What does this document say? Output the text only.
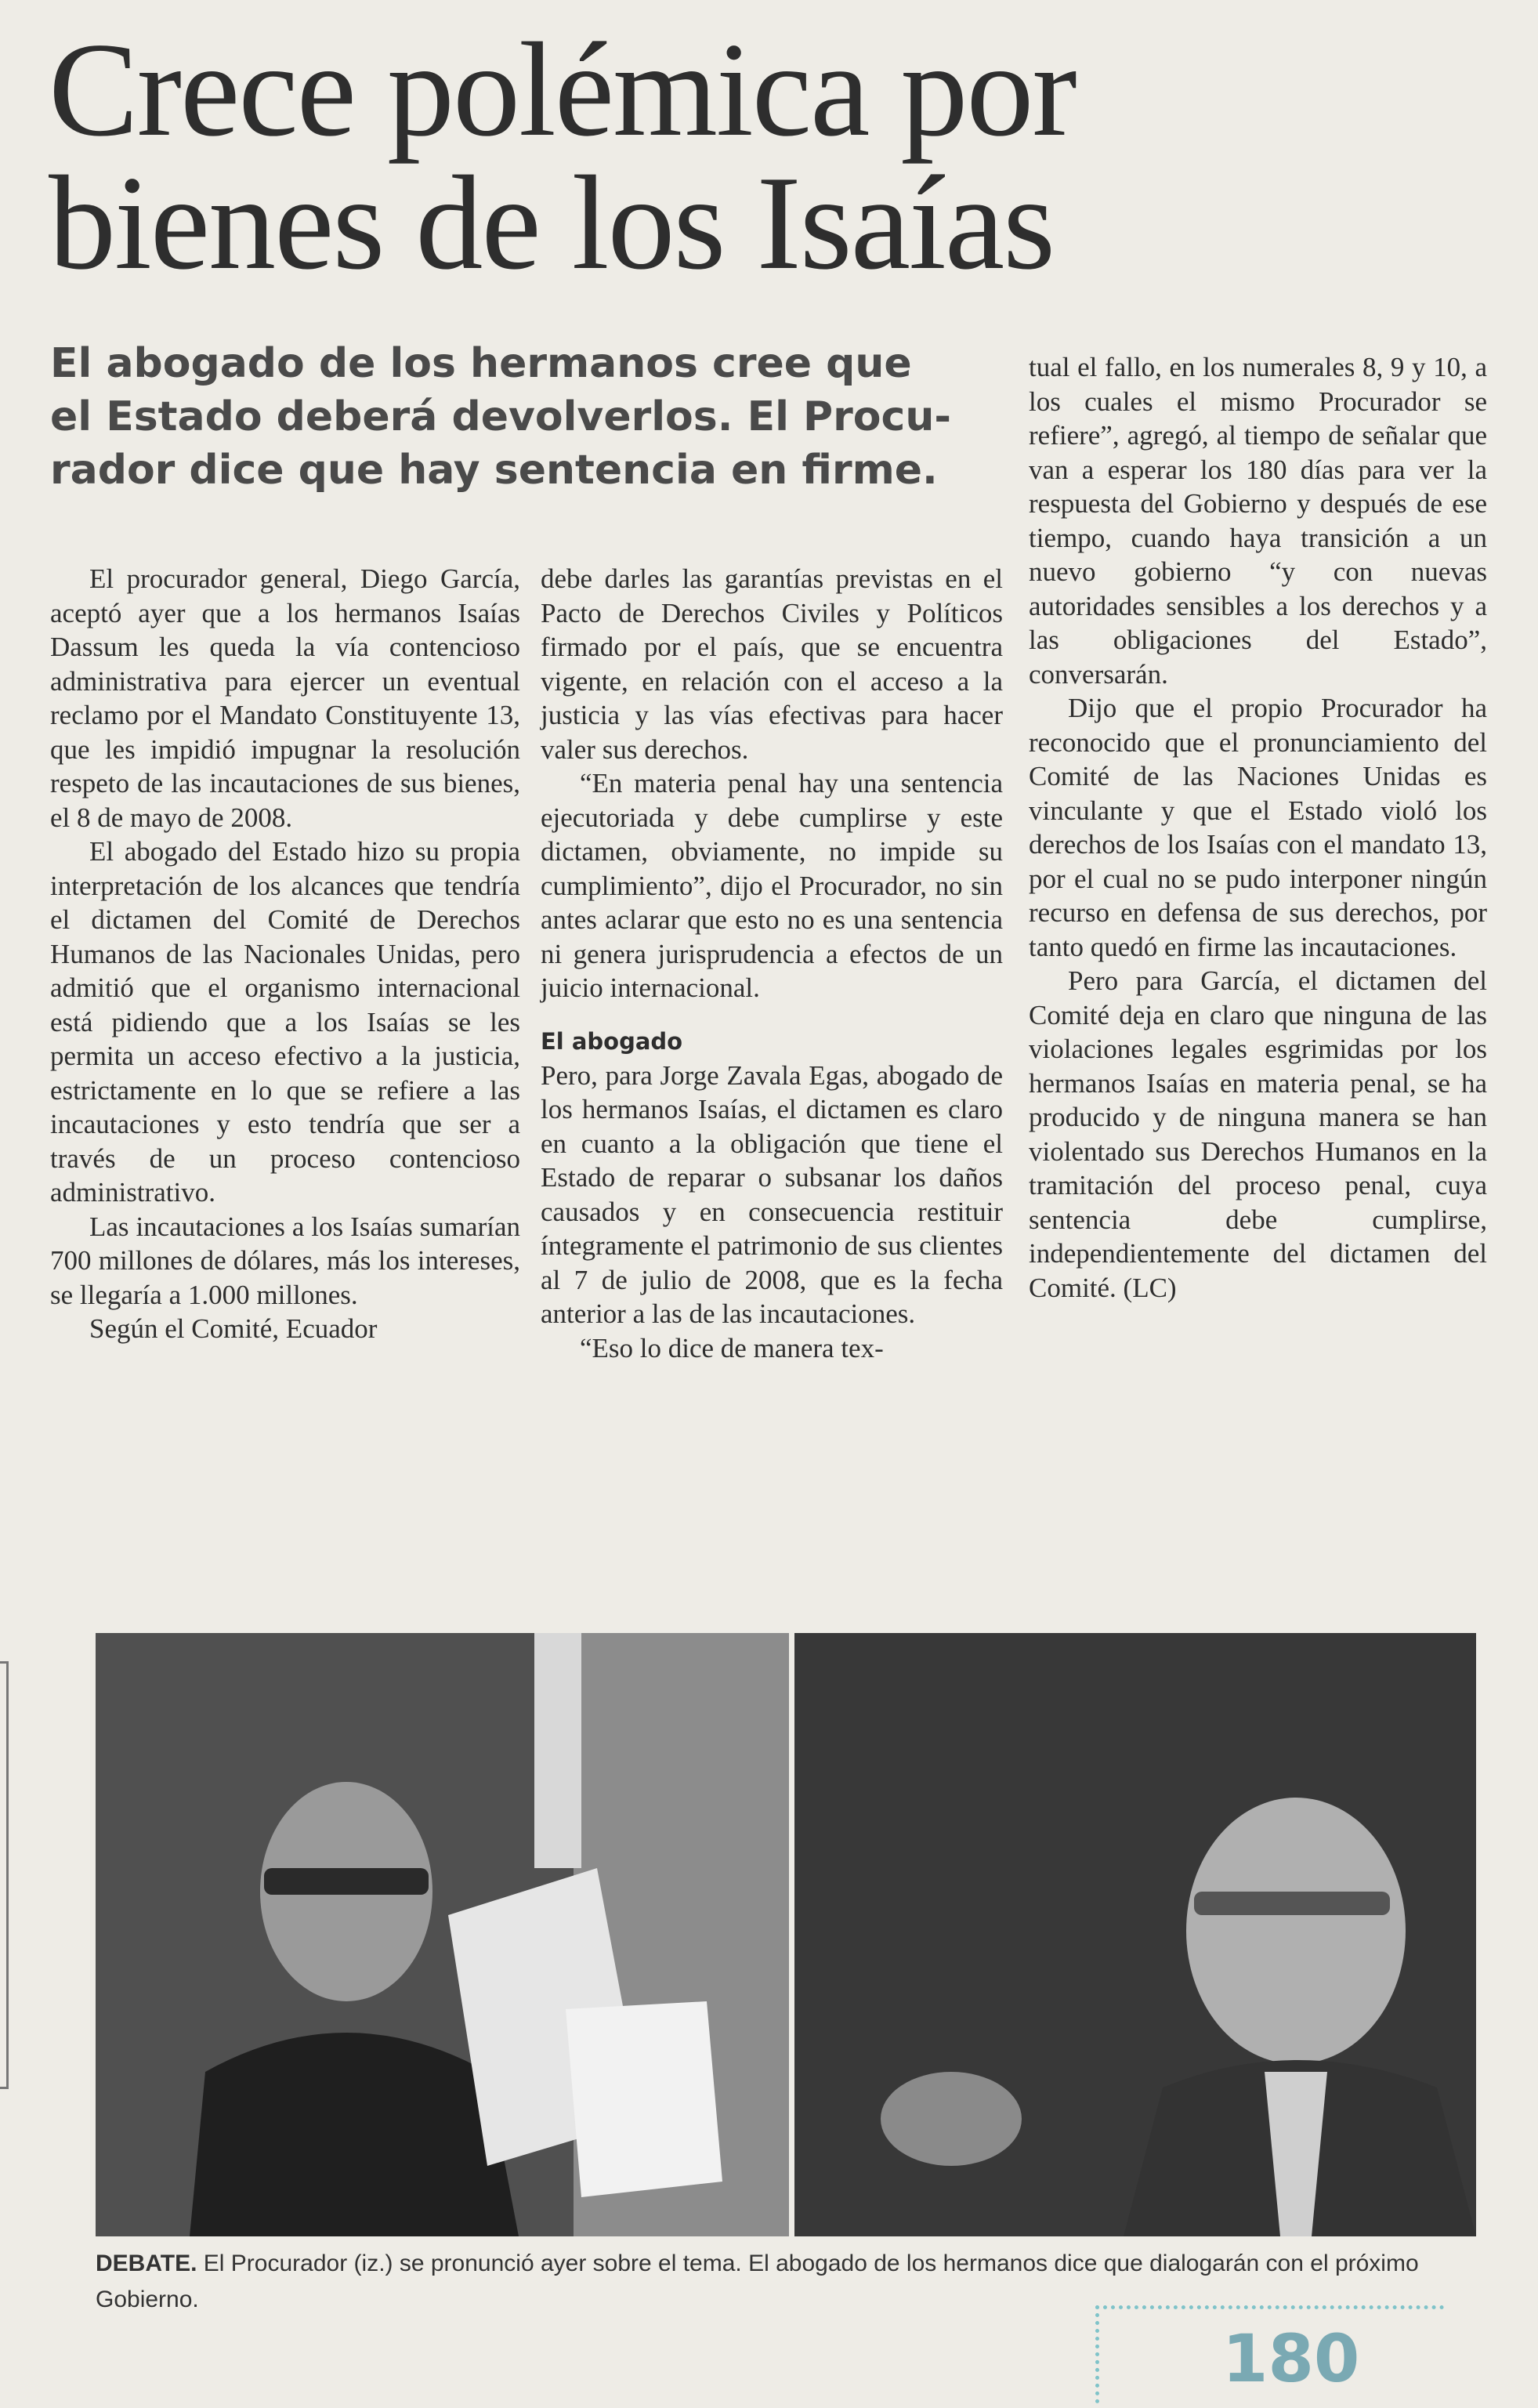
Crece polémica por
bienes de los Isaías
El abogado de los hermanos cree que
el Estado deberá devolverlos. El Procu-
rador dice que hay sentencia en firme.

El procurador general, Diego García, aceptó ayer que a los hermanos Isaías Dassum les queda la vía contencioso administrativa para ejercer un eventual reclamo por el Mandato Constituyente 13, que les impidió impugnar la resolución respeto de las incautaciones de sus bienes, el 8 de mayo de 2008.

El abogado del Estado hizo su propia interpretación de los alcances que tendría el dictamen del Comité de Derechos Humanos de las Nacionales Unidas, pero admitió que el organismo internacional está pidiendo que a los Isaías se les permita un acceso efectivo a la justicia, estrictamente en lo que se refiere a las incautaciones y esto tendría que ser a través de un proceso contencioso administrativo.

Las incautaciones a los Isaías sumarían 700 millones de dólares, más los intereses, se llegaría a 1.000 millones.

Según el Comité, Ecuador

debe darles las garantías previstas en el Pacto de Derechos Civiles y Políticos firmado por el país, que se encuentra vigente, en relación con el acceso a la justicia y las vías efectivas para hacer valer sus derechos.

“En materia penal hay una sentencia ejecutoriada y debe cumplirse y este dictamen, obviamente, no impide su cumplimiento”, dijo el Procurador, no sin antes aclarar que esto no es una sentencia ni genera jurisprudencia a efectos de un juicio internacional.

El abogado

Pero, para Jorge Zavala Egas, abogado de los hermanos Isaías, el dictamen es claro en cuanto a la obligación que tiene el Estado de reparar o subsanar los daños causados y en consecuencia restituir íntegramente el patrimonio de sus clientes al 7 de julio de 2008, que es la fecha anterior a las de las incautaciones.

“Eso lo dice de manera tex-

tual el fallo, en los numerales 8, 9 y 10, a los cuales el mismo Procurador se refiere”, agregó, al tiempo de señalar que van a esperar los 180 días para ver la respuesta del Gobierno y después de ese tiempo, cuando haya transición a un nuevo gobierno “y con nuevas autoridades sensibles a los derechos y a las obligaciones del Estado”, conversarán.

Dijo que el propio Procurador ha reconocido que el pronunciamiento del Comité de las Naciones Unidas es vinculante y que el Estado violó los derechos de los Isaías con el mandato 13, por el cual no se pudo interponer ningún recurso en defensa de sus derechos, por tanto quedó en firme las incautaciones.

Pero para García, el dictamen del Comité deja en claro que ninguna de las violaciones legales esgrimidas por los hermanos Isaías en materia penal, se ha producido y de ninguna manera se han violentado sus Derechos Humanos en la tramitación del proceso penal, cuya sentencia debe cumplirse, independientemente del dictamen del Comité. (LC)

DEBATE. El Procurador (iz.) se pronunció ayer sobre el tema. El abogado de los hermanos dice que dialogarán con el próximo Gobierno.
180
